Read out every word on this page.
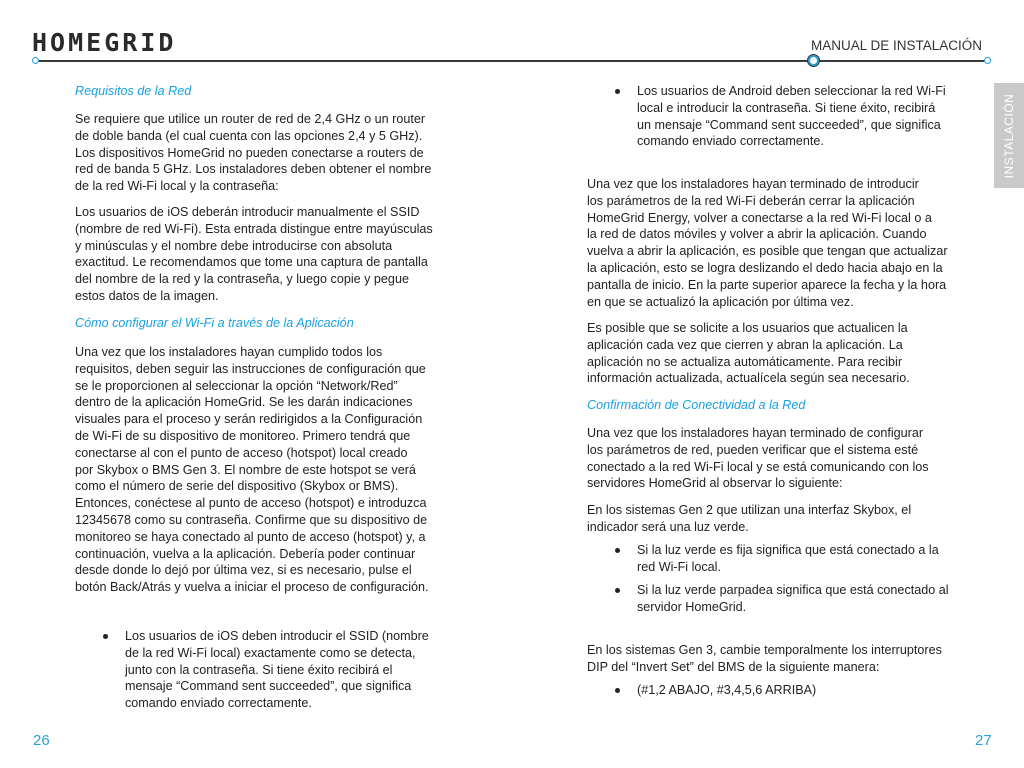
HOMEGRID	MANUAL DE INSTALACIÓN
INSTALACIÓN
Requisitos de la Red
Se requiere que utilice un router de red de 2,4 GHz o un router
de doble banda (el cual cuenta con las opciones 2,4 y 5 GHz).
Los dispositivos HomeGrid no pueden conectarse a routers de
red de banda 5 GHz. Los instaladores deben obtener el nombre
de la red Wi-Fi local y la contraseña:
Los usuarios de iOS deberán introducir manualmente el SSID
(nombre de red Wi-Fi). Esta entrada distingue entre mayúsculas
y minúsculas y el nombre debe introducirse con absoluta
exactitud. Le recomendamos que tome una captura de pantalla
del nombre de la red y la contraseña, y luego copie y pegue
estos datos de la imagen.
Cómo configurar el Wi-Fi a través de la Aplicación
Una vez que los instaladores hayan cumplido todos los
requisitos, deben seguir las instrucciones de configuración que
se le proporcionen al seleccionar la opción “Network/Red”
dentro de la aplicación HomeGrid. Se les darán indicaciones
visuales para el proceso y serán redirigidos a la Configuración
de Wi-Fi de su dispositivo de monitoreo. Primero tendrá que
conectarse al con el punto de acceso (hotspot) local creado
por Skybox o BMS Gen 3. El nombre de este hotspot se verá
como el número de serie del dispositivo (Skybox or BMS).
Entonces, conéctese al punto de acceso (hotspot) e introduzca
12345678 como su contraseña. Confirme que su dispositivo de
monitoreo se haya conectado al punto de acceso (hotspot) y, a
continuación, vuelva a la aplicación. Debería poder continuar
desde donde lo dejó por última vez, si es necesario, pulse el
botón Back/Atrás y vuelva a iniciar el proceso de configuración.
Los usuarios de iOS deben introducir el SSID (nombre
de la red Wi-Fi local) exactamente como se detecta,
junto con la contraseña. Si tiene éxito recibirá el
mensaje “Command sent succeeded”, que significa
comando enviado correctamente.
Los usuarios de Android deben seleccionar la red Wi-Fi
local e introducir la contraseña. Si tiene éxito, recibirá
un mensaje “Command sent succeeded”, que significa
comando enviado correctamente.
Una vez que los instaladores hayan terminado de introducir
los parámetros de la red Wi-Fi deberán cerrar la aplicación
HomeGrid Energy, volver a conectarse a la red Wi-Fi local o a
la red de datos móviles y volver a abrir la aplicación. Cuando
vuelva a abrir la aplicación, es posible que tengan que actualizar
la aplicación, esto se logra deslizando el dedo hacia abajo en la
pantalla de inicio. En la parte superior aparece la fecha y la hora
en que se actualizó la aplicación por última vez.
Es posible que se solicite a los usuarios que actualicen la
aplicación cada vez que cierren y abran la aplicación. La
aplicación no se actualiza automáticamente. Para recibir
información actualizada, actualícela según sea necesario.
Confirmación de Conectividad a la Red
Una vez que los instaladores hayan terminado de configurar
los parámetros de red, pueden verificar que el sistema esté
conectado a la red Wi-Fi local y se está comunicando con los
servidores HomeGrid al observar lo siguiente:
En los sistemas Gen 2 que utilizan una interfaz Skybox, el
indicador será una luz verde.
Si la luz verde es fija significa que está conectado a la
red Wi-Fi local.
Si la luz verde parpadea significa que está conectado al
servidor HomeGrid.
En los sistemas Gen 3, cambie temporalmente los interruptores
DIP del “Invert Set” del BMS de la siguiente manera:
(#1,2 ABAJO, #3,4,5,6 ARRIBA)
26	27
